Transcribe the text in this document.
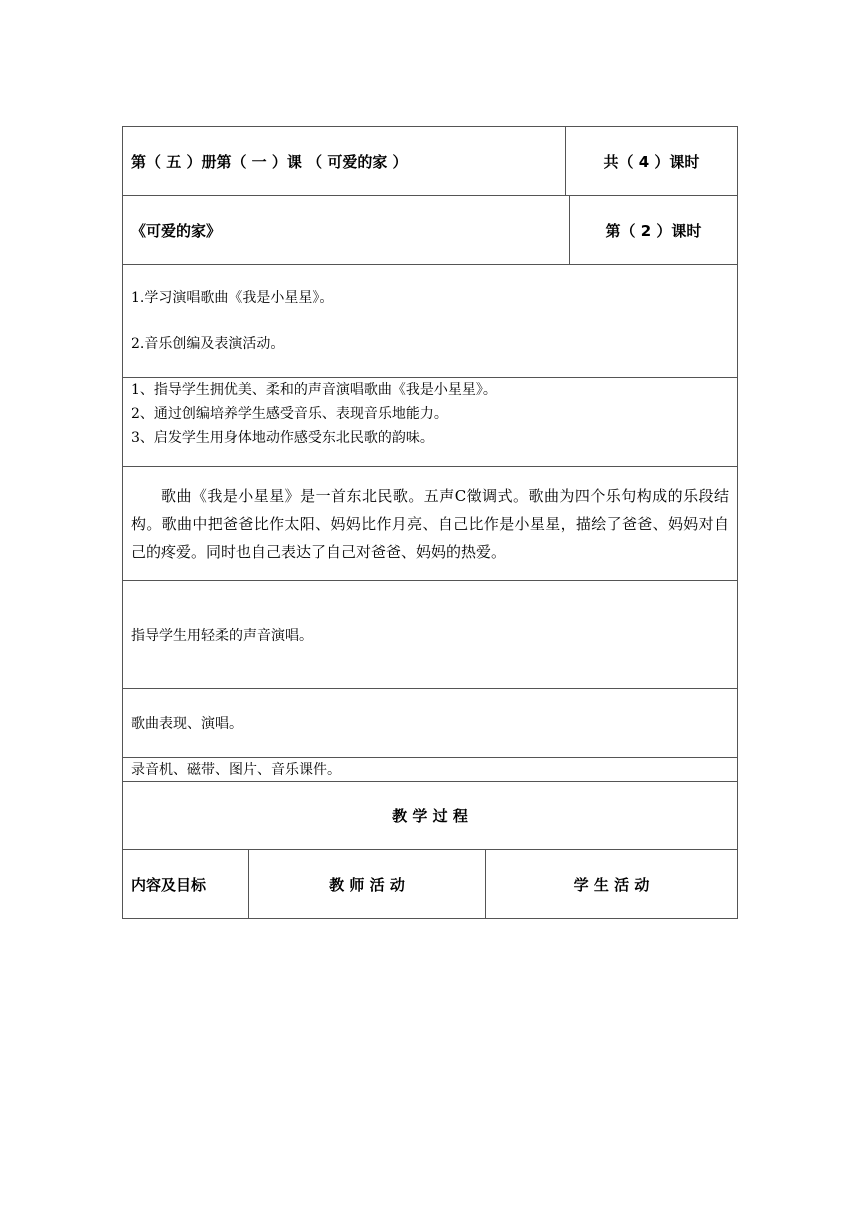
第（ 五 ）册第（ 一 ）课 （ 可爱的家 ）	共（ 4 ）课时
《可爱的家》	第（ 2 ）课时
1.学习演唱歌曲《我是小星星》。
2.音乐创编及表演活动。
1、指导学生拥优美、柔和的声音演唱歌曲《我是小星星》。
2、通过创编培养学生感受音乐、表现音乐地能力。
3、启发学生用身体地动作感受东北民歌的韵味。
歌曲《我是小星星》是一首东北民歌。五声C徵调式。歌曲为四个乐句构成的乐段结构。歌曲中把爸爸比作太阳、妈妈比作月亮、自己比作是小星星，描绘了爸爸、妈妈对自己的疼爱。同时也自己表达了自己对爸爸、妈妈的热爱。
指导学生用轻柔的声音演唱。
歌曲表现、演唱。
录音机、磁带、图片、音乐课件。
教 学 过 程
内容及目标	教 师 活 动	学 生 活 动
